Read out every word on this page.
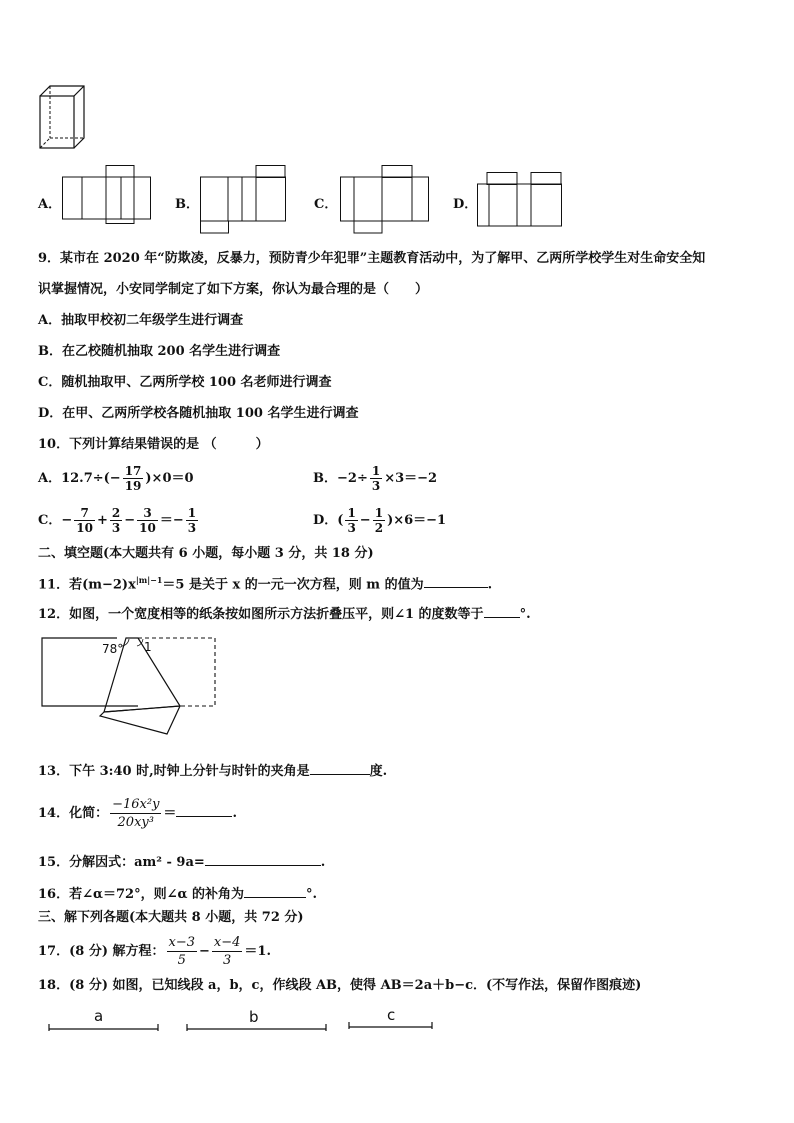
A．	B．	C．	D．
9．某市在 2020 年“防欺凌，反暴力，预防青少年犯罪”主题教育活动中，为了解甲、乙两所学校学生对生命安全知
识掌握情况，小安同学制定了如下方案，你认为最合理的是（　　）
A．抽取甲校初二年级学生进行调查
B．在乙校随机抽取 200 名学生进行调查
C．随机抽取甲、乙两所学校 100 名老师进行调查
D．在甲、乙两所学校各随机抽取 100 名学生进行调查
10．下列计算结果错误的是 （　　　）
A．$12.7\div(- \frac{17}{19} )\times 0=0$	B．$-2\div \frac{1}{3} \times 3=-2$
C．− $\frac{7}{10} + \frac{2}{3} - \frac{3}{10} =- \frac{1}{3}$	D．( $\frac{1}{3} - \frac{1}{2} )\times 6=-1$
二、填空题(本大题共有 6 小题，每小题 3 分，共 18 分)
11．若$(m-2)x^{|m|-1}=5$ 是关于 x 的一元一次方程，则 m 的值为	.
12．如图，一个宽度相等的纸条按如图所示方法折叠压平，则∠1 的度数等于	°.
78° 1
13．下午 3:40 时,时钟上分针与时针的夹角是	度.
14．化简： $\frac{\text{−16x²y}}{\text{20xy³}}$ ＝	.
15．分解因式：am² - 9a=	.
16．若∠α＝72°，则∠α 的补角为	°.
三、解下列各题(本大题共 8 小题，共 72 分)
17．(8 分) 解方程： $\frac{x-3}{5} - \frac{x-4}{3} =1$.
18．(8 分) 如图，已知线段 a，b，c，作线段 AB，使得 AB＝2a＋b−c．(不写作法，保留作图痕迹)
a	b	c
